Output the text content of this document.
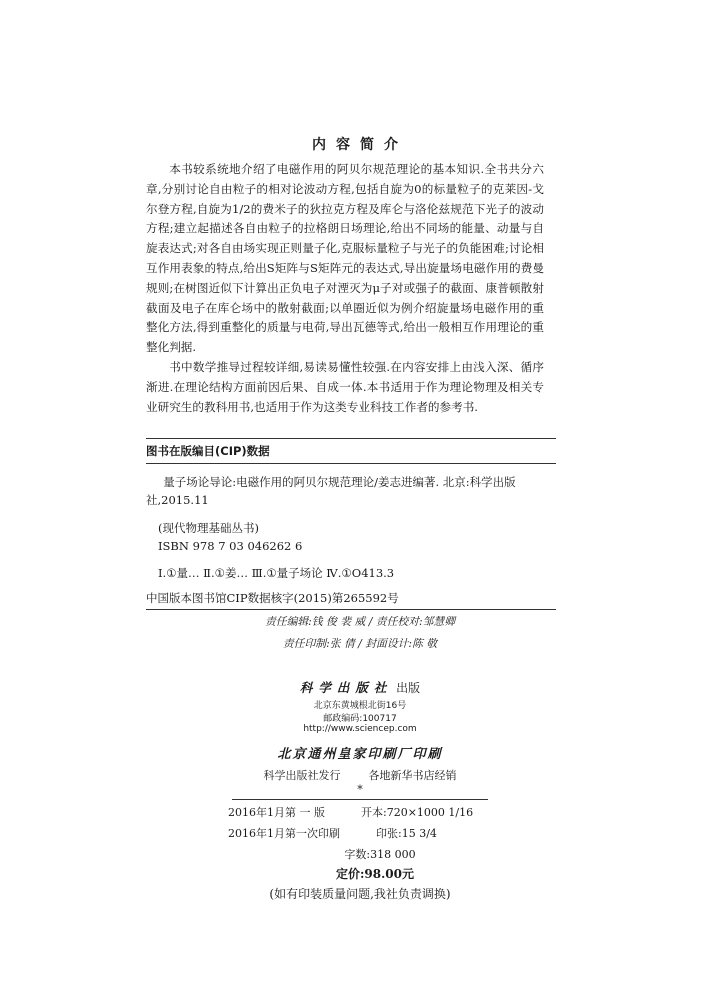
内容简介

本书较系统地介绍了电磁作用的阿贝尔规范理论的基本知识.全书共分六章,分别讨论自由粒子的相对论波动方程,包括自旋为0的标量粒子的克莱因-戈尔登方程,自旋为1/2的费米子的狄拉克方程及库仑与洛伦兹规范下光子的波动方程;建立起描述各自由粒子的拉格朗日场理论,给出不同场的能量、动量与自旋表达式;对各自由场实现正则量子化,克服标量粒子与光子的负能困难;讨论相互作用表象的特点,给出S矩阵与S矩阵元的表达式,导出旋量场电磁作用的费曼规则;在树图近似下计算出正负电子对湮灭为μ子对或强子的截面、康普顿散射截面及电子在库仑场中的散射截面;以单圈近似为例介绍旋量场电磁作用的重整化方法,得到重整化的质量与电荷,导出瓦德等式,给出一般相互作用理论的重整化判据.

书中数学推导过程较详细,易读易懂性较强.在内容安排上由浅入深、循序渐进.在理论结构方面前因后果、自成一体.本书适用于作为理论物理及相关专业研究生的教科用书,也适用于作为这类专业科技工作者的参考书.

图书在版编目(CIP)数据

量子场论导论:电磁作用的阿贝尔规范理论/姜志进编著. 北京:科学出版社,2015.11

(现代物理基础丛书)
ISBN 978 7 03 046262 6
Ⅰ.①量… Ⅱ.①姜… Ⅲ.①量子场论 Ⅳ.①O413.3
中国版本图书馆CIP数据核字(2015)第265592号
责任编辑:钱 俊 裴 威 / 责任校对:邹慧卿
责任印制:张 倩 / 封面设计:陈 敬
科学出版社 出版
北京东黄城根北街16号
邮政编码:100717
http://www.sciencep.com
北京通州皇家印刷厂印刷
科学出版社发行	各地新华书店经销
*
2016年1月第 一 版	开本:720×1000 1/16
2016年1月第一次印刷	印张:15 3/4
字数:318 000
定价:98.00元
(如有印装质量问题,我社负责调换)
